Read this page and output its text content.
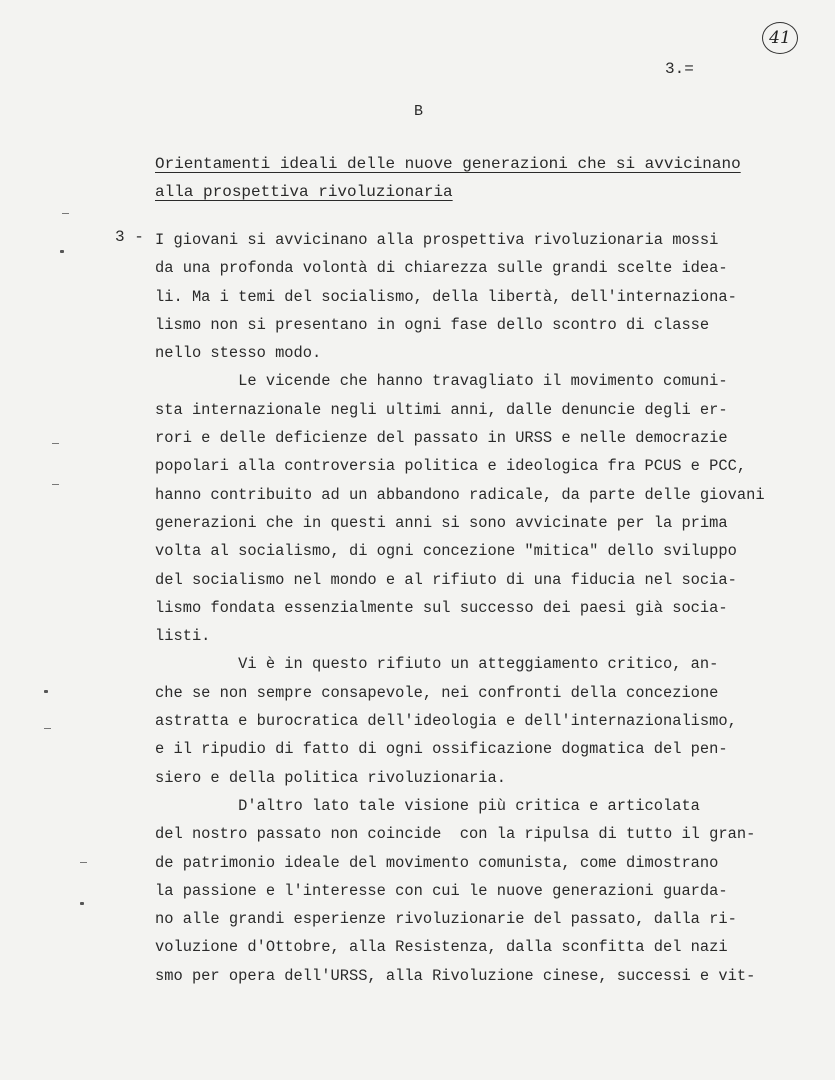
41
3.=
B
Orientamenti ideali delle nuove generazioni che si avvicinano
alla prospettiva rivoluzionaria
3 - I giovani si avvicinano alla prospettiva rivoluzionaria mossi
da una profonda volontà di chiarezza sulle grandi scelte idea-
li. Ma i temi del socialismo, della libertà, dell'internaziona-
lismo non si presentano in ogni fase dello scontro di classe
nello stesso modo.
Le vicende che hanno travagliato il movimento comuni-
sta internazionale negli ultimi anni, dalle denuncie degli er-
rori e delle deficienze del passato in URSS e nelle democrazie
popolari alla controversia politica e ideologica fra PCUS e PCC,
hanno contribuito ad un abbandono radicale, da parte delle giovani
generazioni che in questi anni si sono avvicinate per la prima
volta al socialismo, di ogni concezione "mitica" dello sviluppo
del socialismo nel mondo e al rifiuto di una fiducia nel socia-
lismo fondata essenzialmente sul successo dei paesi già socia-
listi.
Vi è in questo rifiuto un atteggiamento critico, an-
che se non sempre consapevole, nei confronti della concezione
astratta e burocratica dell'ideologia e dell'internazionalismo,
e il ripudio di fatto di ogni ossificazione dogmatica del pen-
siero e della politica rivoluzionaria.
D'altro lato tale visione più critica e articolata
del nostro passato non coincide  con la ripulsa di tutto il gran-
de patrimonio ideale del movimento comunista, come dimostrano
la passione e l'interesse con cui le nuove generazioni guarda-
no alle grandi esperienze rivoluzionarie del passato, dalla ri-
voluzione d'Ottobre, alla Resistenza, dalla sconfitta del nazi
smo per opera dell'URSS, alla Rivoluzione cinese, successi e vit-
